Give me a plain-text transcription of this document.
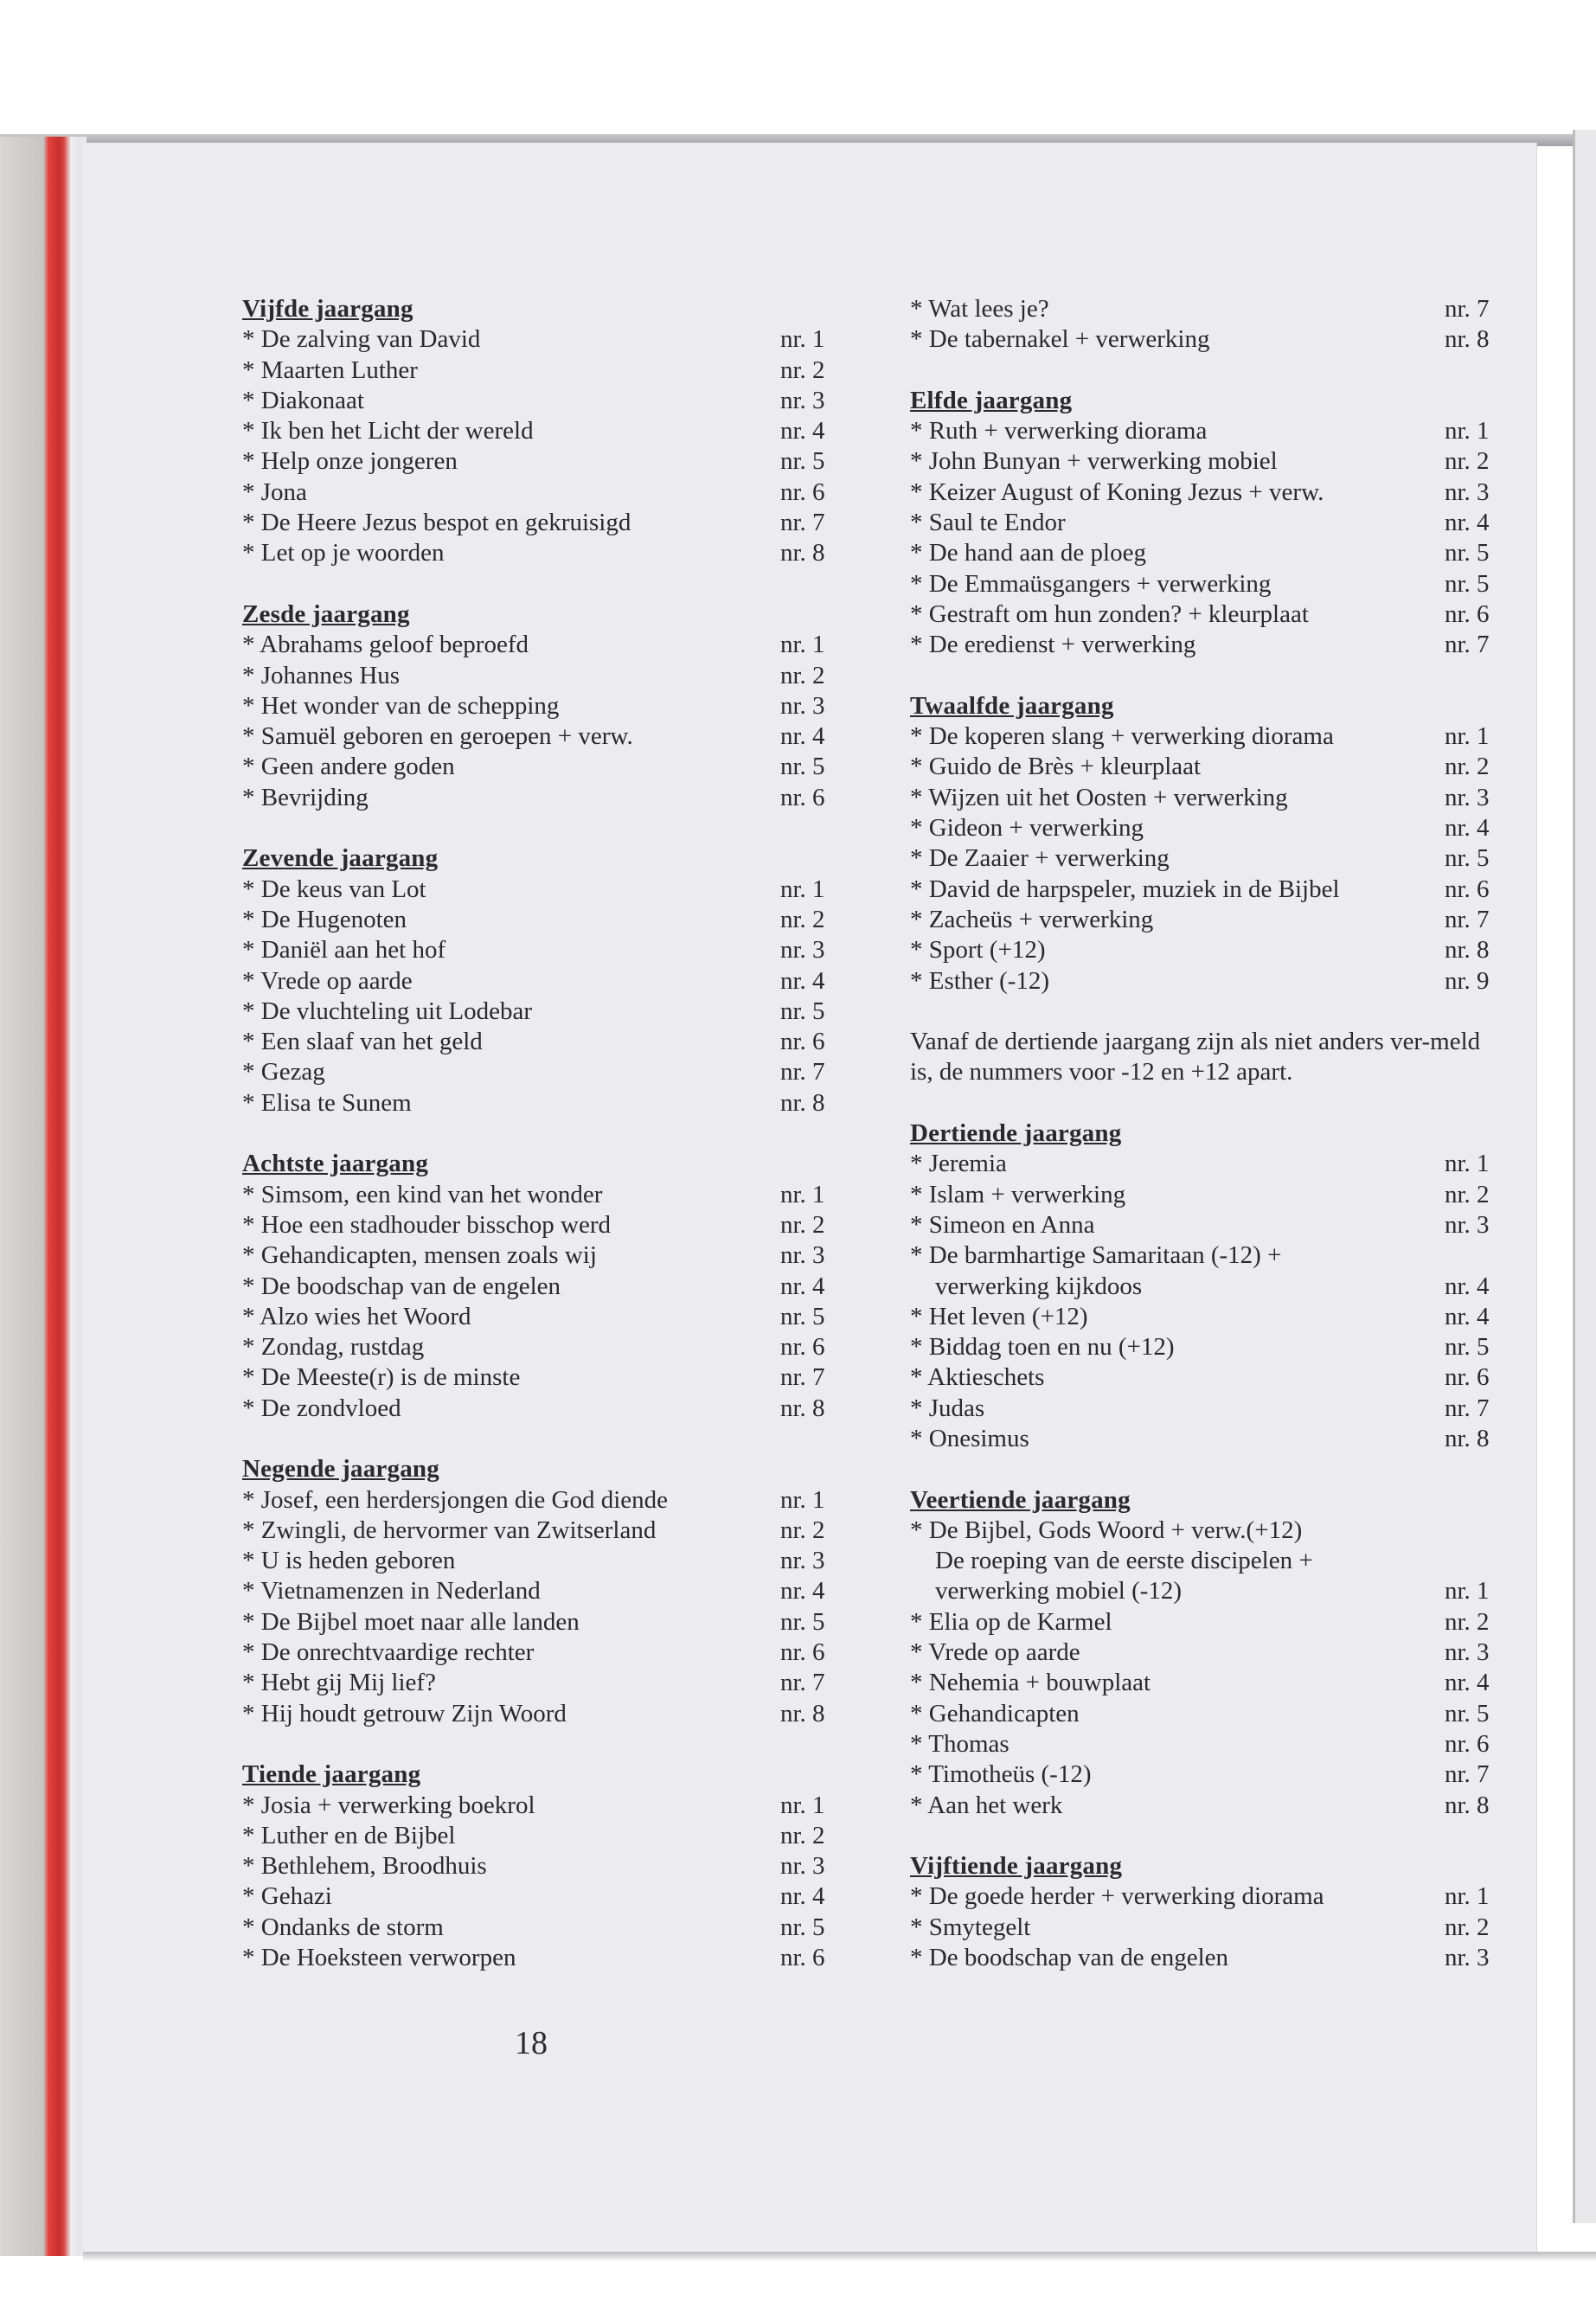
Vijfde jaargang
* De zalving van David	nr. 1
* Maarten Luther	nr. 2
* Diakonaat	nr. 3
* Ik ben het Licht der wereld	nr. 4
* Help onze jongeren	nr. 5
* Jona	nr. 6
* De Heere Jezus bespot en gekruisigd	nr. 7
* Let op je woorden	nr. 8
Zesde jaargang
* Abrahams geloof beproefd	nr. 1
* Johannes Hus	nr. 2
* Het wonder van de schepping	nr. 3
* Samuël geboren en geroepen + verw.	nr. 4
* Geen andere goden	nr. 5
* Bevrijding	nr. 6
Zevende jaargang
* De keus van Lot	nr. 1
* De Hugenoten	nr. 2
* Daniël aan het hof	nr. 3
* Vrede op aarde	nr. 4
* De vluchteling uit Lodebar	nr. 5
* Een slaaf van het geld	nr. 6
* Gezag	nr. 7
* Elisa te Sunem	nr. 8
Achtste jaargang
* Simsom, een kind van het wonder	nr. 1
* Hoe een stadhouder bisschop werd	nr. 2
* Gehandicapten, mensen zoals wij	nr. 3
* De boodschap van de engelen	nr. 4
* Alzo wies het Woord	nr. 5
* Zondag, rustdag	nr. 6
* De Meeste(r) is de minste	nr. 7
* De zondvloed	nr. 8
Negende jaargang
* Josef, een herdersjongen die God diende	nr. 1
* Zwingli, de hervormer van Zwitserland	nr. 2
* U is heden geboren	nr. 3
* Vietnamenzen in Nederland	nr. 4
* De Bijbel moet naar alle landen	nr. 5
* De onrechtvaardige rechter	nr. 6
* Hebt gij Mij lief?	nr. 7
* Hij houdt getrouw Zijn Woord	nr. 8
Tiende jaargang
* Josia + verwerking boekrol	nr. 1
* Luther en de Bijbel	nr. 2
* Bethlehem, Broodhuis	nr. 3
* Gehazi	nr. 4
* Ondanks de storm	nr. 5
* De Hoeksteen verworpen	nr. 6
* Wat lees je?	nr. 7
* De tabernakel + verwerking	nr. 8
Elfde jaargang
* Ruth + verwerking diorama	nr. 1
* John Bunyan + verwerking mobiel	nr. 2
* Keizer August of Koning Jezus + verw.	nr. 3
* Saul te Endor	nr. 4
* De hand aan de ploeg	nr. 5
* De Emmaüsgangers + verwerking	nr. 5
* Gestraft om hun zonden? + kleurplaat	nr. 6
* De eredienst + verwerking	nr. 7
Twaalfde jaargang
* De koperen slang + verwerking diorama	nr. 1
* Guido de Brès + kleurplaat	nr. 2
* Wijzen uit het Oosten + verwerking	nr. 3
* Gideon + verwerking	nr. 4
* De Zaaier + verwerking	nr. 5
* David de harpspeler, muziek in de Bijbel	nr. 6
* Zacheüs + verwerking	nr. 7
* Sport (+12)	nr. 8
* Esther (-12)	nr. 9
Vanaf de dertiende jaargang zijn als niet anders ver-meld is, de nummers voor -12 en +12 apart.
Dertiende jaargang
* Jeremia	nr. 1
* Islam + verwerking	nr. 2
* Simeon en Anna	nr. 3
* De barmhartige Samaritaan (-12) +
verwerking kijkdoos	nr. 4
* Het leven (+12)	nr. 4
* Biddag toen en nu (+12)	nr. 5
* Aktieschets	nr. 6
* Judas	nr. 7
* Onesimus	nr. 8
Veertiende jaargang
* De Bijbel, Gods Woord + verw.(+12)
De roeping van de eerste discipelen +
verwerking mobiel (-12)	nr. 1
* Elia op de Karmel	nr. 2
* Vrede op aarde	nr. 3
* Nehemia + bouwplaat	nr. 4
* Gehandicapten	nr. 5
* Thomas	nr. 6
* Timotheüs (-12)	nr. 7
* Aan het werk	nr. 8
Vijftiende jaargang
* De goede herder + verwerking diorama	nr. 1
* Smytegelt	nr. 2
* De boodschap van de engelen	nr. 3
18
